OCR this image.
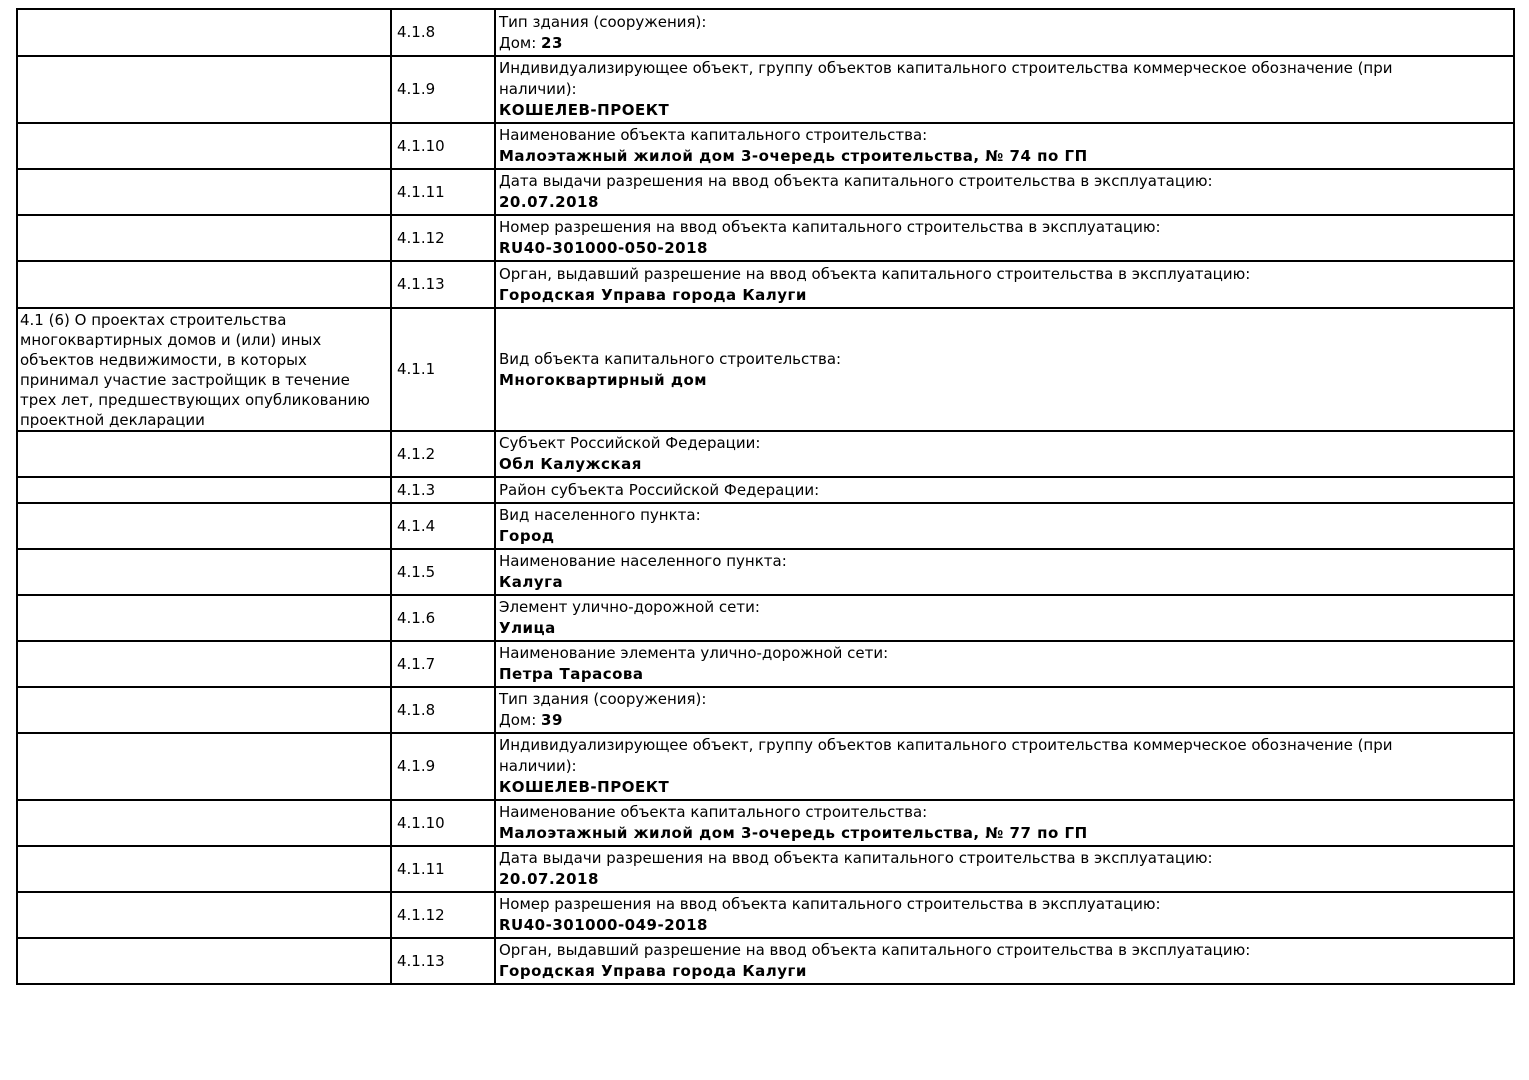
	4.1.8	Тип здания (сооружения):
Дом: 23

	4.1.9	Индивидуализирующее объект, группу объектов капитального строительства коммерческое обозначение (при наличии):
КОШЕЛЕВ-ПРОЕКТ

	4.1.10	Наименование объекта капитального строительства:
Малоэтажный жилой дом 3-очередь строительства, № 74 по ГП

	4.1.11	Дата выдачи разрешения на ввод объекта капитального строительства в эксплуатацию:
20.07.2018

	4.1.12	Номер разрешения на ввод объекта капитального строительства в эксплуатацию:
RU40-301000-050-2018

	4.1.13	Орган, выдавший разрешение на ввод объекта капитального строительства в эксплуатацию:
Городская Управа города Калуги

4.1 (6) О проектах строительства многоквартирных домов и (или) иных объектов недвижимости, в которых принимал участие застройщик в течение трех лет, предшествующих опубликованию проектной декларации	4.1.1	Вид объекта капитального строительства:
Многоквартирный дом

	4.1.2	Субъект Российской Федерации:
Обл Калужская

	4.1.3	Район субъекта Российской Федерации:

	4.1.4	Вид населенного пункта:
Город

	4.1.5	Наименование населенного пункта:
Калуга

	4.1.6	Элемент улично-дорожной сети:
Улица

	4.1.7	Наименование элемента улично-дорожной сети:
Петра Тарасова

	4.1.8	Тип здания (сооружения):
Дом: 39

	4.1.9	Индивидуализирующее объект, группу объектов капитального строительства коммерческое обозначение (при наличии):
КОШЕЛЕВ-ПРОЕКТ

	4.1.10	Наименование объекта капитального строительства:
Малоэтажный жилой дом 3-очередь строительства, № 77 по ГП

	4.1.11	Дата выдачи разрешения на ввод объекта капитального строительства в эксплуатацию:
20.07.2018

	4.1.12	Номер разрешения на ввод объекта капитального строительства в эксплуатацию:
RU40-301000-049-2018

	4.1.13	Орган, выдавший разрешение на ввод объекта капитального строительства в эксплуатацию:
Городская Управа города Калуги
